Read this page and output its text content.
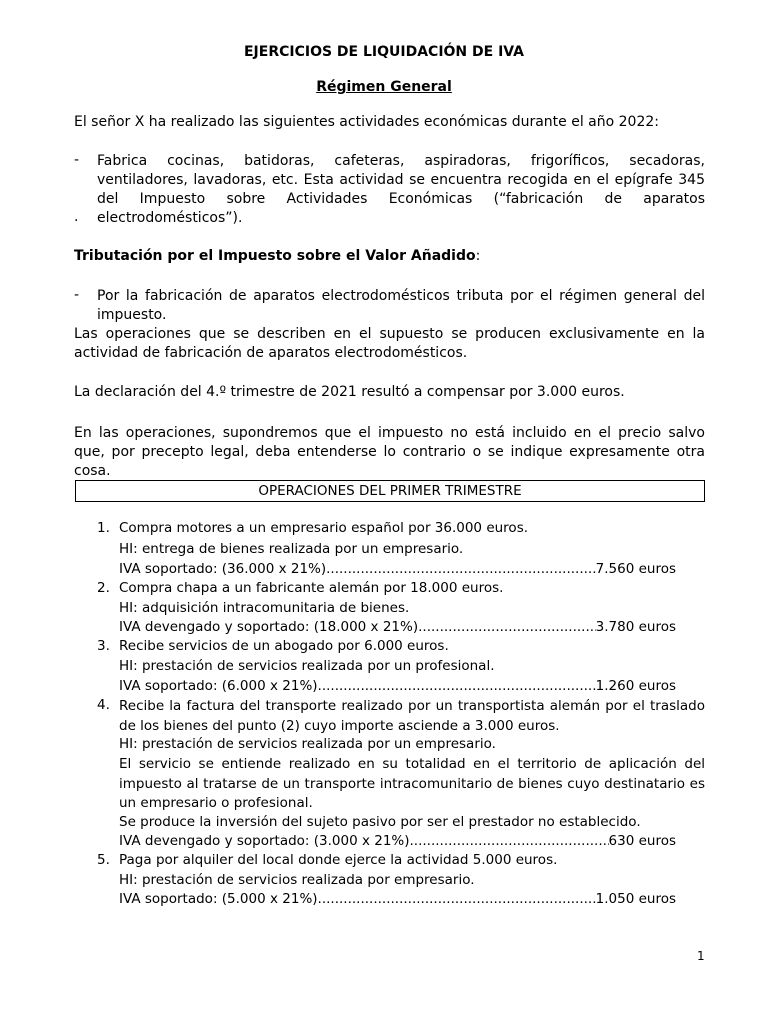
EJERCICIOS DE LIQUIDACIÓN DE IVA
Régimen General
El señor X ha realizado las siguientes actividades económicas durante el año 2022:
- Fabrica cocinas, batidoras, cafeteras, aspiradoras, frigoríficos, secadoras, ventiladores, lavadoras, etc. Esta actividad se encuentra recogida en el epígrafe 345 del Impuesto sobre Actividades Económicas (“fabricación de aparatos electrodomésticos”).
.
Tributación por el Impuesto sobre el Valor Añadido:
- Por la fabricación de aparatos electrodomésticos tributa por el régimen general del impuesto.
Las operaciones que se describen en el supuesto se producen exclusivamente en la actividad de fabricación de aparatos electrodomésticos.
La declaración del 4.º trimestre de 2021 resultó a compensar por 3.000 euros.
En las operaciones, supondremos que el impuesto no está incluido en el precio salvo que, por precepto legal, deba entenderse lo contrario o se indique expresamente otra cosa.
OPERACIONES DEL PRIMER TRIMESTRE
1. Compra motores a un empresario español por 36.000 euros.
HI: entrega de bienes realizada por un empresario.
IVA soportado: (36.000 x 21%) .....	7.560 euros
2. Compra chapa a un fabricante alemán por 18.000 euros.
HI: adquisición intracomunitaria de bienes.
IVA devengado y soportado: (18.000 x 21%) .....	3.780 euros
3. Recibe servicios de un abogado por 6.000 euros.
HI: prestación de servicios realizada por un profesional.
IVA soportado: (6.000 x 21%) .....	1.260 euros
4. Recibe la factura del transporte realizado por un transportista alemán por el traslado de los bienes del punto (2) cuyo importe asciende a 3.000 euros.
HI: prestación de servicios realizada por un empresario.
El servicio se entiende realizado en su totalidad en el territorio de aplicación del impuesto al tratarse de un transporte intracomunitario de bienes cuyo destinatario es un empresario o profesional.
Se produce la inversión del sujeto pasivo por ser el prestador no establecido.
IVA devengado y soportado: (3.000 x 21%) .....	630 euros
5. Paga por alquiler del local donde ejerce la actividad 5.000 euros.
HI: prestación de servicios realizada por empresario.
IVA soportado: (5.000 x 21%) .....	1.050 euros
1
